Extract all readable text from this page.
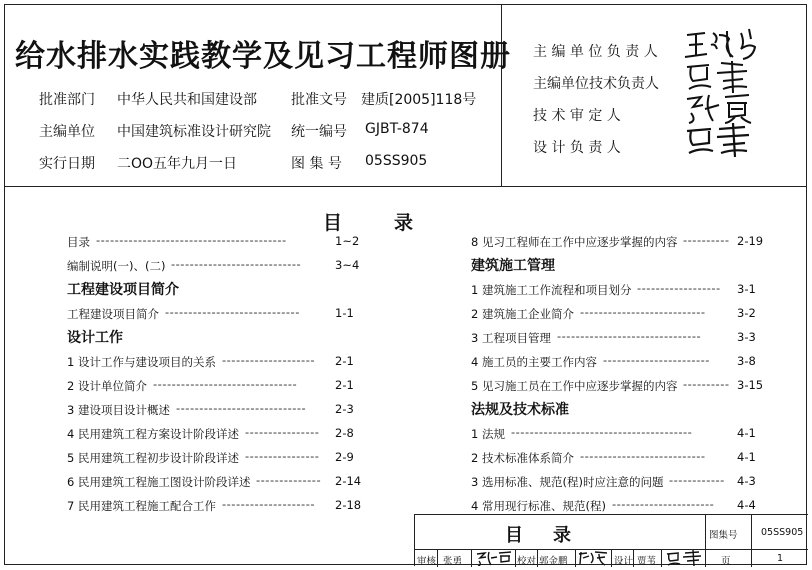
给水排水实践教学及见习工程师图册
批准部门 中华人民共和国建设部 批准文号 建质[2005]118号
主编单位 中国建筑标准设计研究院 统一编号 GJBT-874
实行日期 二OO五年九月一日	图 集 号 05SS905
主 编 单 位 负 责 人
主编单位技术负责人
技 术 审 定 人
设 计 负 责 人
目	录
目录 -----------------------------------------	1~2
编制说明(一)、(二) ----------------------------	3~4
工程建设项目简介
工程建设项目简介 -----------------------------	1-1
设计工作
1 设计工作与建设项目的关系 --------------------	2-1
2 设计单位简介 -------------------------------	2-1
3 建设项目设计概述 ----------------------------	2-3
4 民用建筑工程方案设计阶段详述 ----------------	2-8
5 民用建筑工程初步设计阶段详述 ----------------	2-9
6 民用建筑工程施工图设计阶段详述 --------------	2-14
7 民用建筑工程施工配合工作 --------------------	2-18
8 见习工程师在工作中应逐步掌握的内容 ---------- 2-19
建筑施工管理
1 建筑施工工作流程和项目划分 ------------------	3-1
2 建筑施工企业简介 ---------------------------	3-2
3 工程项目管理 -------------------------------	3-3
4 施工员的主要工作内容 -----------------------	3-8
5 见习施工员在工作中应逐步掌握的内容 ---------- 3-15
法规及技术标准
1 法规 ---------------------------------------	4-1
2 技术标准体系简介 ---------------------------	4-1
3 选用标准、规范(程)时应注意的问题 ------------	4-3
4 常用现行标准、规范(程) ----------------------	4-4
目 录	图集号 05SS905
审核 张勇	校对 郭金鹏	设计 贾苇	页	1
